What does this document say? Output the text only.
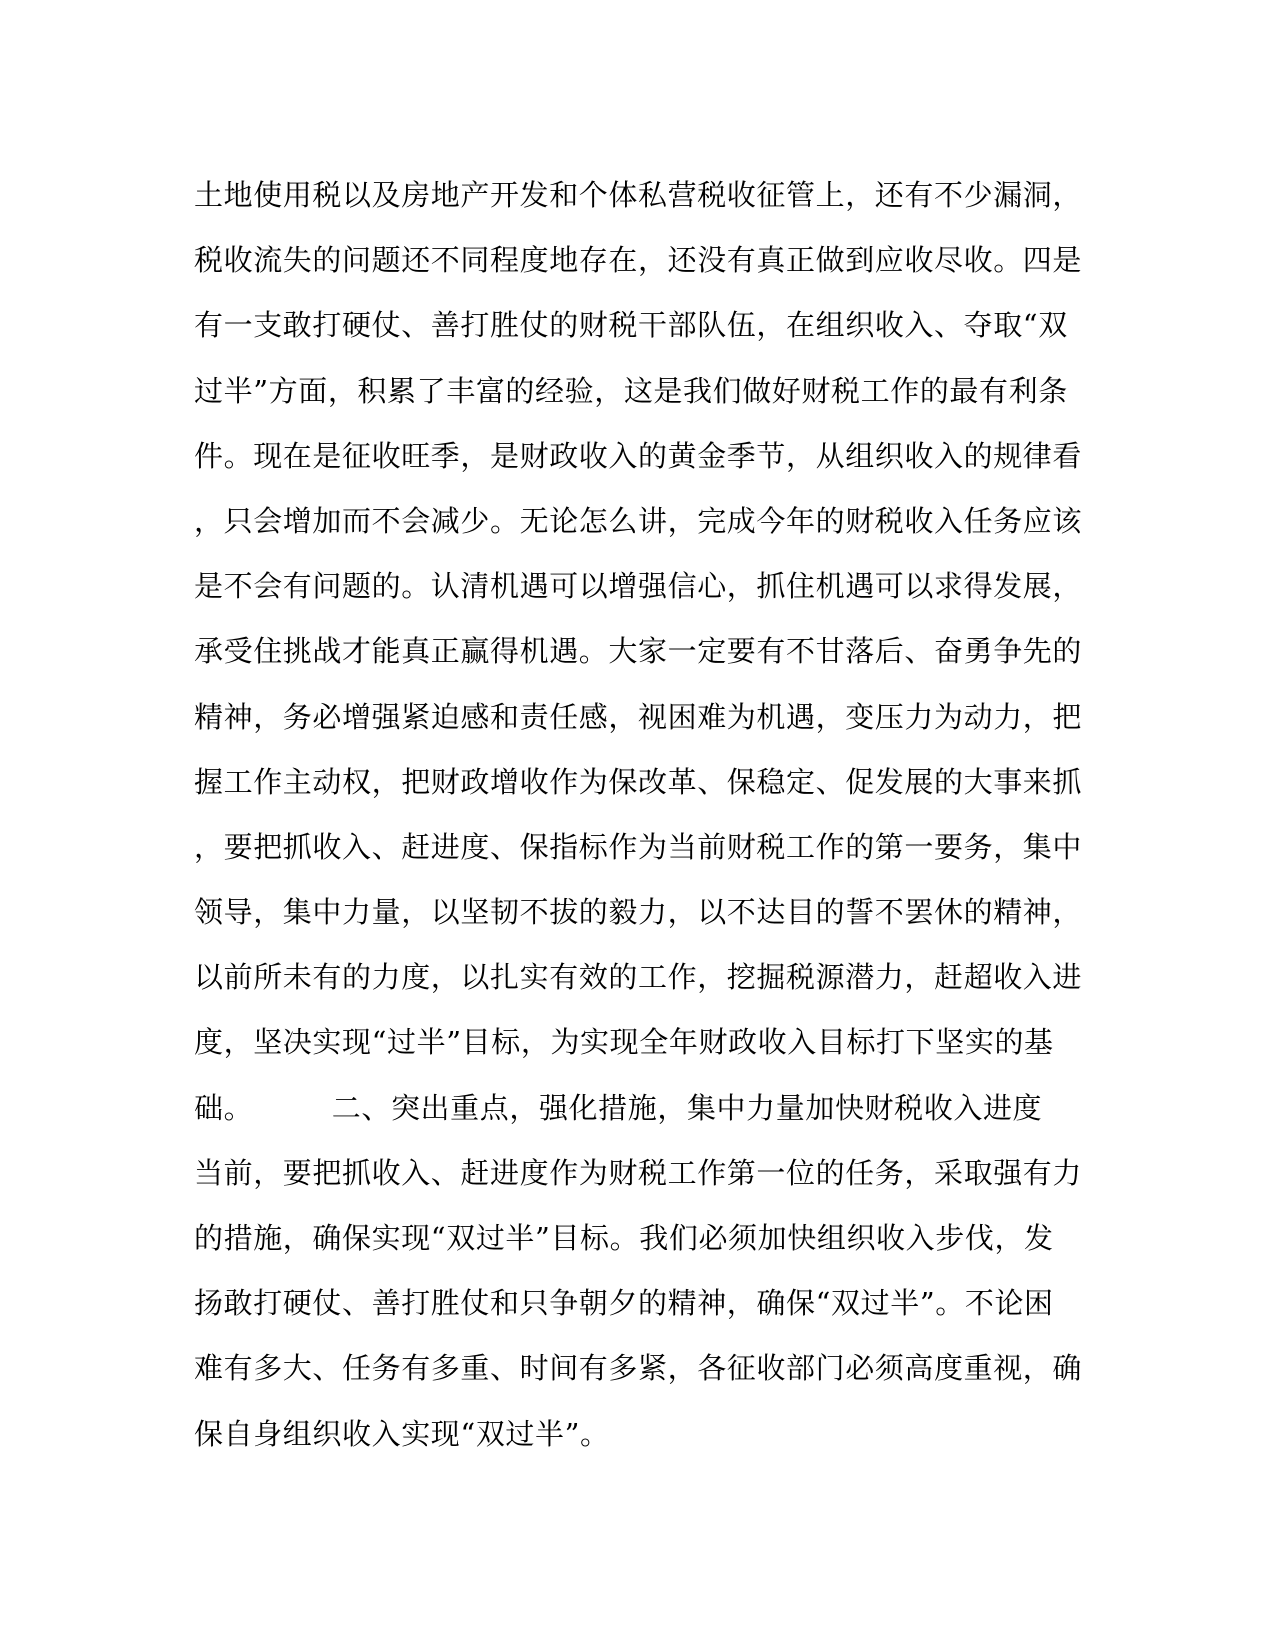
土地使用税以及房地产开发和个体私营税收征管上，还有不少漏洞，
税收流失的问题还不同程度地存在，还没有真正做到应收尽收。四是
有一支敢打硬仗、善打胜仗的财税干部队伍，在组织收入、夺取“双
过半”方面，积累了丰富的经验，这是我们做好财税工作的最有利条
件。现在是征收旺季，是财政收入的黄金季节，从组织收入的规律看
，只会增加而不会减少。无论怎么讲，完成今年的财税收入任务应该
是不会有问题的。认清机遇可以增强信心，抓住机遇可以求得发展，
承受住挑战才能真正赢得机遇。大家一定要有不甘落后、奋勇争先的
精神，务必增强紧迫感和责任感，视困难为机遇，变压力为动力，把
握工作主动权，把财政增收作为保改革、保稳定、促发展的大事来抓
，要把抓收入、赶进度、保指标作为当前财税工作的第一要务，集中
领导，集中力量，以坚韧不拔的毅力，以不达目的誓不罢休的精神，
以前所未有的力度，以扎实有效的工作，挖掘税源潜力，赶超收入进
度，坚决实现“过半”目标，为实现全年财政收入目标打下坚实的基
础。        二、突出重点，强化措施，集中力量加快财税收入进度
当前，要把抓收入、赶进度作为财税工作第一位的任务，采取强有力
的措施，确保实现“双过半”目标。我们必须加快组织收入步伐，发
扬敢打硬仗、善打胜仗和只争朝夕的精神，确保“双过半”。不论困
难有多大、任务有多重、时间有多紧，各征收部门必须高度重视，确
保自身组织收入实现“双过半”。
